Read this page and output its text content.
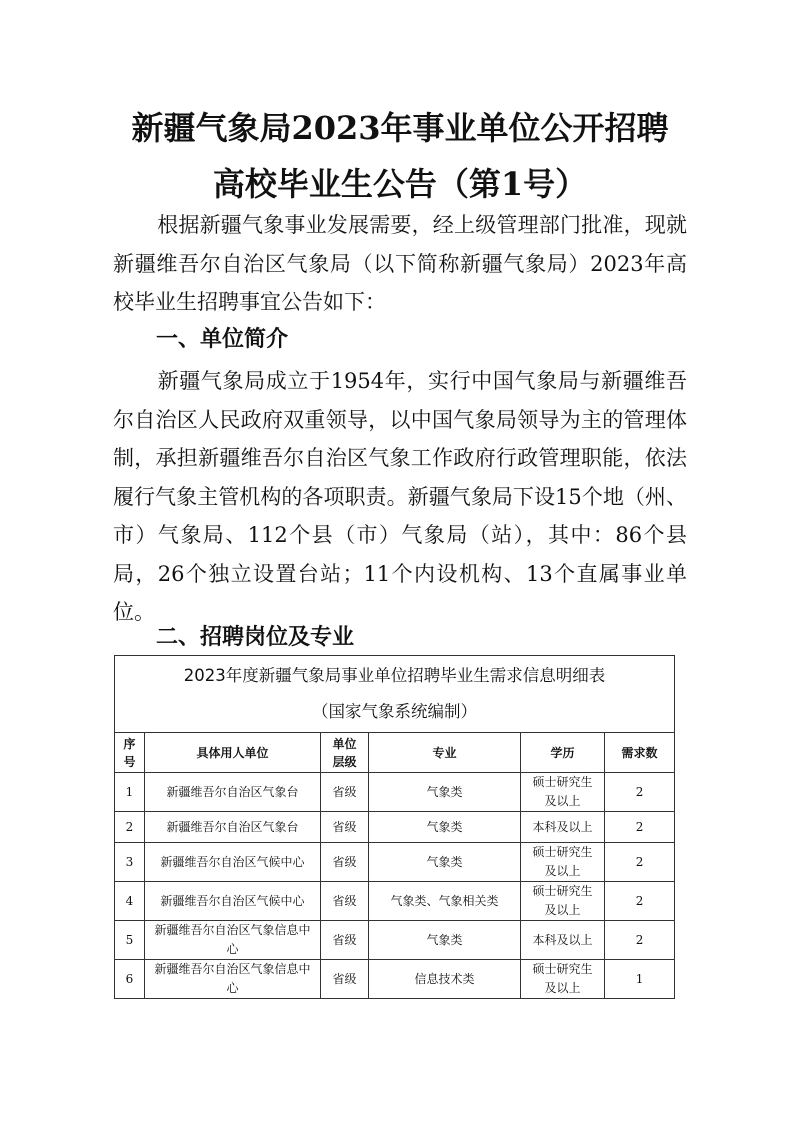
新疆气象局2023年事业单位公开招聘
高校毕业生公告（第1号）
根据新疆气象事业发展需要，经上级管理部门批准，现就新疆维吾尔自治区气象局（以下简称新疆气象局）2023年高校毕业生招聘事宜公告如下：
一、单位简介
新疆气象局成立于1954年，实行中国气象局与新疆维吾尔自治区人民政府双重领导，以中国气象局领导为主的管理体制，承担新疆维吾尔自治区气象工作政府行政管理职能，依法履行气象主管机构的各项职责。新疆气象局下设15个地（州、市）气象局、112个县（市）气象局（站），其中：86个县局，26个独立设置台站；11个内设机构、13个直属事业单位。
二、招聘岗位及专业
2023年度新疆气象局事业单位招聘毕业生需求信息明细表
（国家气象系统编制）					

序号	具体用人单位	单位层级	专业	学历	需求数
1	新疆维吾尔自治区气象台	省级	气象类	硕士研究生及以上	2
2	新疆维吾尔自治区气象台	省级	气象类	本科及以上	2
3	新疆维吾尔自治区气候中心	省级	气象类	硕士研究生及以上	2
4	新疆维吾尔自治区气候中心	省级	气象类、气象相关类	硕士研究生及以上	2
5	新疆维吾尔自治区气象信息中心	省级	气象类	本科及以上	2
6	新疆维吾尔自治区气象信息中心	省级	信息技术类	硕士研究生及以上	1
